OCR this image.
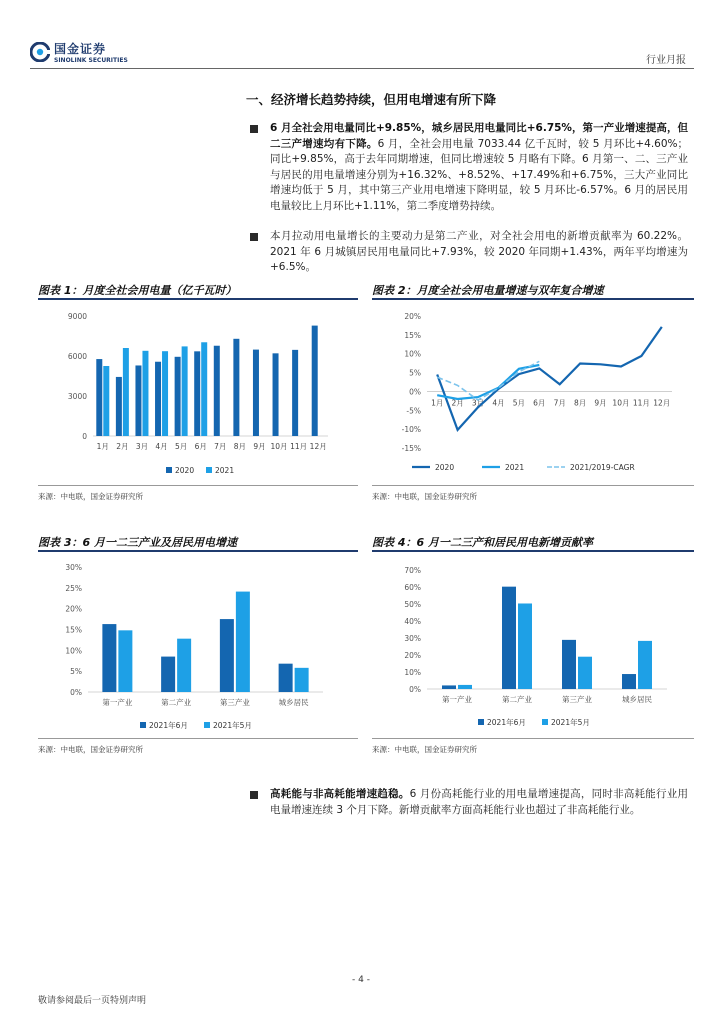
国金证券
SINOLINK SECURITIES	行业月报
一、经济增长趋势持续，但用电增速有所下降
6 月全社会用电量同比+9.85%，城乡居民用电量同比+6.75%，第一产业增速提高，但二三产增速均有下降。6 月，全社会用电量 7033.44 亿千瓦时，较 5 月环比+4.60%；同比+9.85%，高于去年同期增速，但同比增速较 5 月略有下降。6 月第一、二、三产业与居民的用电量增速分别为+16.32%、+8.52%、+17.49%和+6.75%，三大产业同比增速均低于 5 月，其中第三产业用电增速下降明显，较 5 月环比-6.57%。6 月的居民用电量较比上月环比+1.11%，第二季度增势持续。
本月拉动用电量增长的主要动力是第二产业，对全社会用电的新增贡献率为 60.22%。2021 年 6 月城镇居民用电量同比+7.93%，较 2020 年同期+1.43%，两年平均增速为+6.5%。
图表 1：月度全社会用电量（亿千瓦时）
0
3000
6000
9000
1月 2月 3月 4月 5月 6月 7月 8月 9月 10月 11月 12月
2020	2021
来源：中电联，国金证券研究所
图表 2：月度全社会用电量增速与双年复合增速
20%
15%
10%
5%
0%
-5%
-10%
-15%
1月 2月 3月 4月 5月 6月 7月 8月 9月 10月 11月 12月
2020	2021	2021/2019-CAGR
来源：中电联，国金证券研究所
图表 3：6 月一二三产业及居民用电增速
0%
5%
10%
15%
20%
25%
30%
第一产业	第二产业	第三产业	城乡居民
2021年6月	2021年5月
来源：中电联，国金证券研究所
图表 4：6 月一二三产和居民用电新增贡献率
0%
10%
20%
30%
40%
50%
60%
70%
第一产业	第二产业	第三产业	城乡居民
2021年6月	2021年5月
来源：中电联，国金证券研究所
高耗能与非高耗能增速趋稳。6 月份高耗能行业的用电量增速提高，同时非高耗能行业用电量增速连续 3 个月下降。新增贡献率方面高耗能行业也超过了非高耗能行业。
- 4 -
敬请参阅最后一页特别声明
